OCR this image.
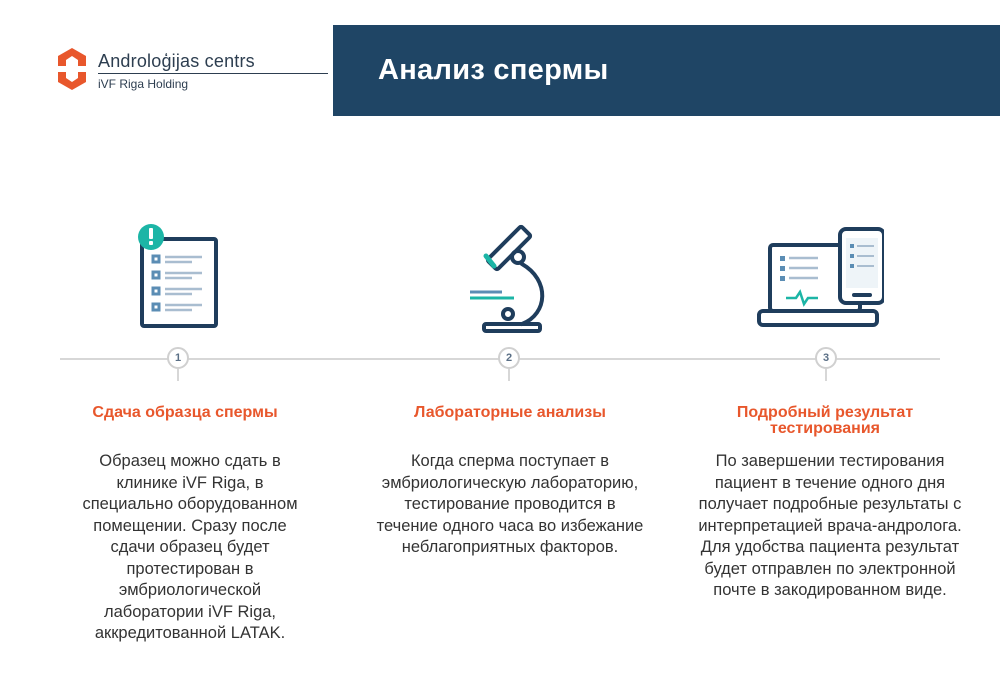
Androloģijas centrs
iVF Riga Holding	Анализ спермы
1	2	3
Сдача образца спермы

Образец можно сдать в клинике iVF Riga, в специально оборудованном помещении. Сразу после сдачи образец будет протестирован в эмбриологической лаборатории iVF Riga, аккредитованной LATAK.

Лабораторные анализы

Когда сперма поступает в эмбриологическую лабораторию, тестирование проводится в течение одного часа во избежание неблагоприятных факторов.

Подробный результат тестирования

По завершении тестирования пациент в течение одного дня получает подробные результаты с интерпретацией врача-андролога. Для удобства пациента результат будет отправлен по электронной почте в закодированном виде.
